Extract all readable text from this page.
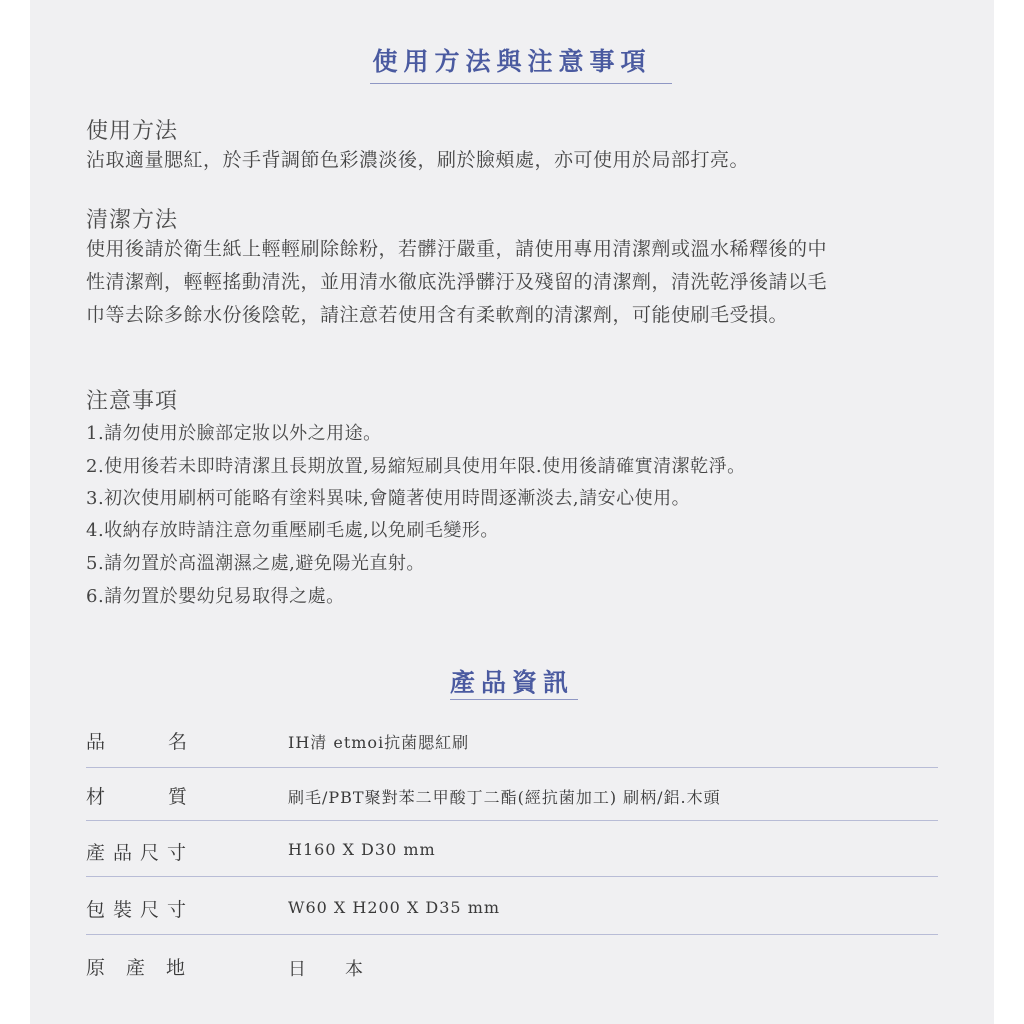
使用方法與注意事項
使用方法
沾取適量腮紅，於手背調節色彩濃淡後，刷於臉頰處，亦可使用於局部打亮。
清潔方法
使用後請於衛生紙上輕輕刷除餘粉，若髒汙嚴重，請使用專用清潔劑或溫水稀釋後的中
性清潔劑，輕輕搖動清洗，並用清水徹底洗淨髒汙及殘留的清潔劑，清洗乾淨後請以毛
巾等去除多餘水份後陰乾，請注意若使用含有柔軟劑的清潔劑，可能使刷毛受損。
注意事項
1.請勿使用於臉部定妝以外之用途。
2.使用後若未即時清潔且長期放置,易縮短刷具使用年限.使用後請確實清潔乾淨。
3.初次使用刷柄可能略有塗料異味,會隨著使用時間逐漸淡去,請安心使用。
4.收納存放時請注意勿重壓刷毛處,以免刷毛變形。
5.請勿置於高溫潮濕之處,避免陽光直射。
6.請勿置於嬰幼兒易取得之處。
產品資訊
品	名	IH清 etmoi抗菌腮紅刷
材	質	刷毛/PBT聚對苯二甲酸丁二酯(經抗菌加工) 刷柄/鋁.木頭
產 品 尺 寸	H160 X D30 mm
包 裝 尺 寸	W60 X H200 X D35 mm
原 產 地	日　　本
